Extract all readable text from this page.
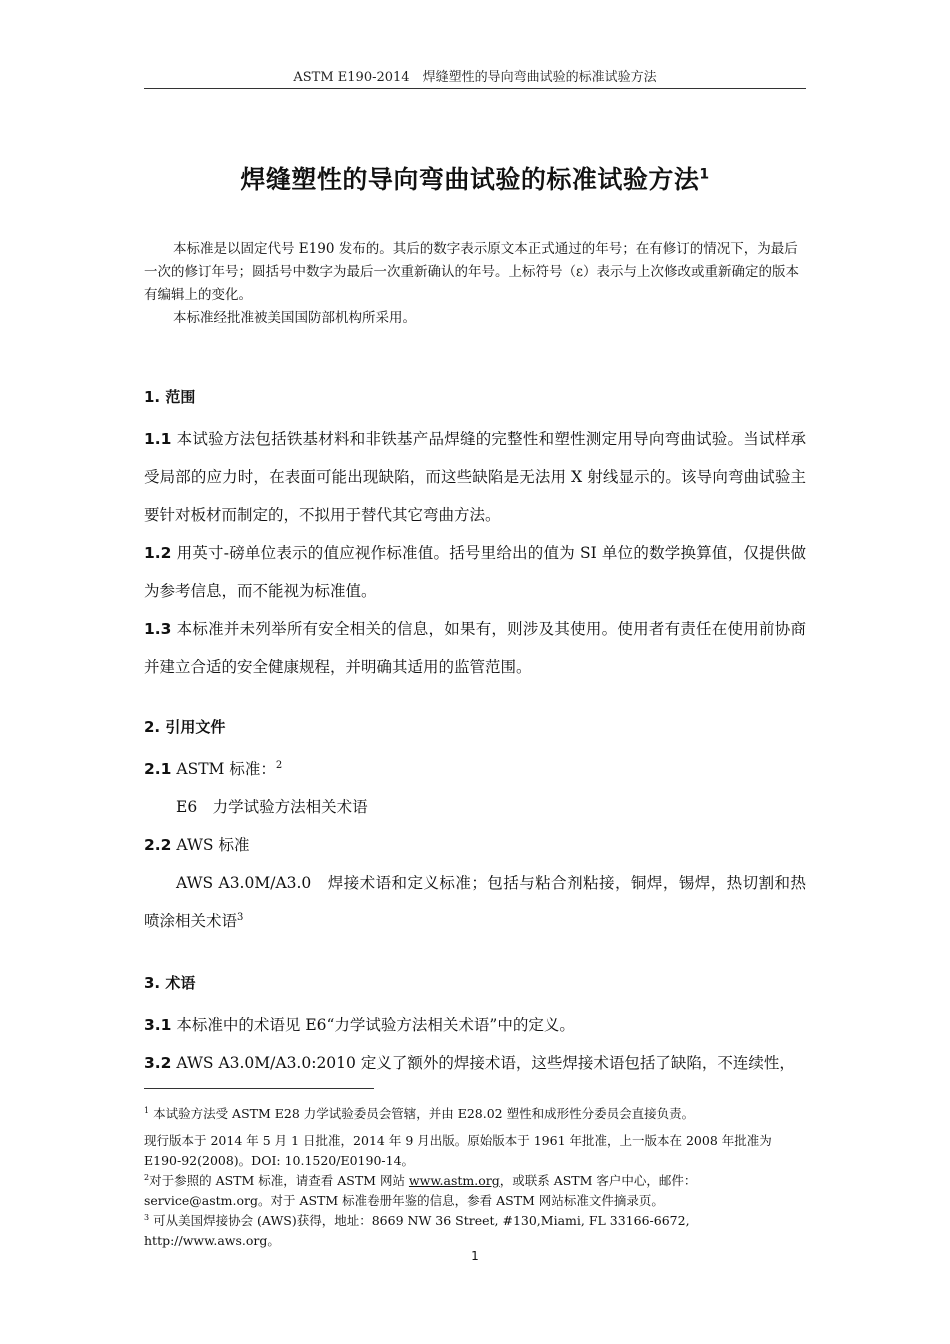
ASTM E190-2014　焊缝塑性的导向弯曲试验的标准试验方法
焊缝塑性的导向弯曲试验的标准试验方法$^1$

本标准是以固定代号 E190 发布的。其后的数字表示原文本正式通过的年号；在有修订的情况下，为最后一次的修订年号；圆括号中数字为最后一次重新确认的年号。上标符号（ε）表示与上次修改或重新确定的版本有编辑上的变化。

本标准经批准被美国国防部机构所采用。

1. 范围

1.1 本试验方法包括铁基材料和非铁基产品焊缝的完整性和塑性测定用导向弯曲试验。当试样承受局部的应力时，在表面可能出现缺陷，而这些缺陷是无法用 X 射线显示的。该导向弯曲试验主要针对板材而制定的，不拟用于替代其它弯曲方法。

1.2 用英寸-磅单位表示的值应视作标准值。括号里给出的值为 SI 单位的数学换算值，仅提供做为参考信息，而不能视为标准值。

1.3 本标准并未列举所有安全相关的信息，如果有，则涉及其使用。使用者有责任在使用前协商并建立合适的安全健康规程，并明确其适用的监管范围。

2. 引用文件

2.1 ASTM 标准：$^2$

E6　力学试验方法相关术语

2.2 AWS 标准

AWS A3.0M/A3.0　焊接术语和定义标准；包括与粘合剂粘接，铜焊，锡焊，热切割和热喷涂相关术语$^3$

3. 术语

3.1 本标准中的术语见 E6“力学试验方法相关术语”中的定义。

3.2 AWS A3.0M/A3.0:2010 定义了额外的焊接术语，这些焊接术语包括了缺陷，不连续性，

$^1$ 本试验方法受 ASTM E28 力学试验委员会管辖，并由 E28.02 塑性和成形性分委员会直接负责。

现行版本于 2014 年 5 月 1 日批准，2014 年 9 月出版。原始版本于 1961 年批准，上一版本在 2008 年批准为 E190-92(2008)。DOI: 10.1520/E0190-14。

$^2$对于参照的 ASTM 标准，请查看 ASTM 网站 www.astm.org，或联系 ASTM 客户中心，邮件：service@astm.org。对于 ASTM 标准卷册年鉴的信息，参看 ASTM 网站标准文件摘录页。

$^3$ 可从美国焊接协会 (AWS)获得，地址：8669 NW 36 Street, #130,Miami, FL 33166-6672, http://www.aws.org。

1
